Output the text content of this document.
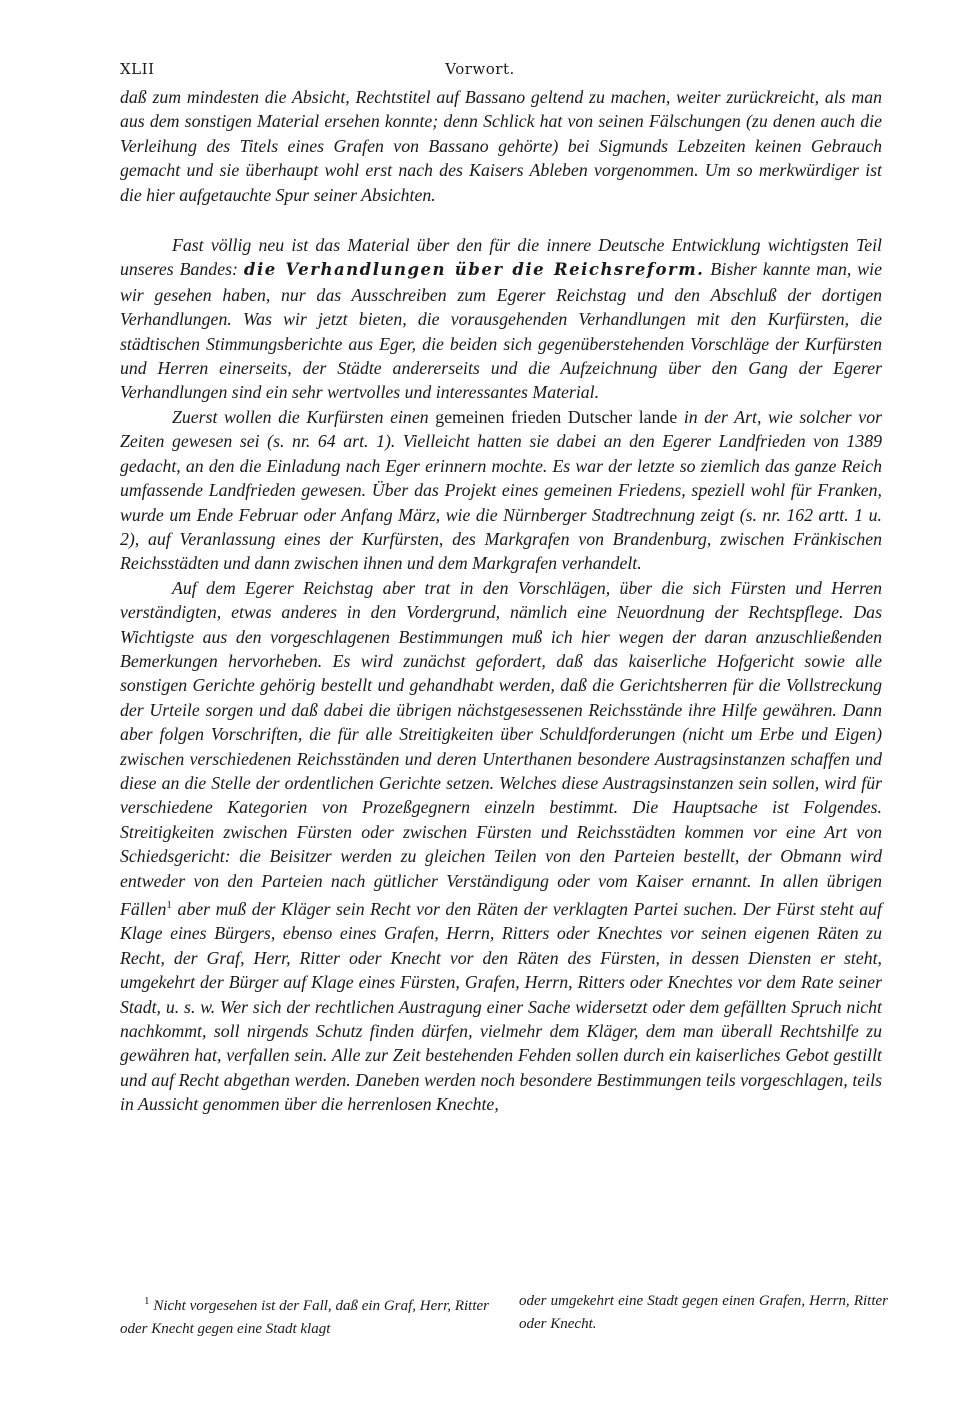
Vorwort.
XLII

daß zum mindesten die Absicht, Rechtstitel auf Bassano geltend zu machen, weiter zurückreicht, als man aus dem sonstigen Material ersehen konnte; denn Schlick hat von seinen Fälschungen (zu denen auch die Verleihung des Titels eines Grafen von Bassano gehörte) bei Sigmunds Lebzeiten keinen Gebrauch gemacht und sie überhaupt wohl erst nach des Kaisers Ableben vorgenommen. Um so merkwürdiger ist die hier aufgetauchte Spur seiner Absichten.

Fast völlig neu ist das Material über den für die innere Deutsche Entwicklung wichtigsten Teil unseres Bandes: die Verhandlungen über die Reichsreform. Bisher kannte man, wie wir gesehen haben, nur das Ausschreiben zum Egerer Reichstag und den Abschluß der dortigen Verhandlungen. Was wir jetzt bieten, die vorausgehenden Verhandlungen mit den Kurfürsten, die städtischen Stimmungsberichte aus Eger, die beiden sich gegenüberstehenden Vorschläge der Kurfürsten und Herren einerseits, der Städte andererseits und die Aufzeichnung über den Gang der Egerer Verhandlungen sind ein sehr wertvolles und interessantes Material.

Zuerst wollen die Kurfürsten einen gemeinen frieden Dutscher lande in der Art, wie solcher vor Zeiten gewesen sei (s. nr. 64 art. 1). Vielleicht hatten sie dabei an den Egerer Landfrieden von 1389 gedacht, an den die Einladung nach Eger erinnern mochte. Es war der letzte so ziemlich das ganze Reich umfassende Landfrieden gewesen. Über das Projekt eines gemeinen Friedens, speziell wohl für Franken, wurde um Ende Februar oder Anfang März, wie die Nürnberger Stadtrechnung zeigt (s. nr. 162 artt. 1 u. 2), auf Veranlassung eines der Kurfürsten, des Markgrafen von Brandenburg, zwischen Fränkischen Reichsstädten und dann zwischen ihnen und dem Markgrafen verhandelt.

Auf dem Egerer Reichstag aber trat in den Vorschlägen, über die sich Fürsten und Herren verständigten, etwas anderes in den Vordergrund, nämlich eine Neuordnung der Rechtspflege. Das Wichtigste aus den vorgeschlagenen Bestimmungen muß ich hier wegen der daran anzuschließenden Bemerkungen hervorheben. Es wird zunächst gefordert, daß das kaiserliche Hofgericht sowie alle sonstigen Gerichte gehörig bestellt und gehandhabt werden, daß die Gerichtsherren für die Vollstreckung der Urteile sorgen und daß dabei die übrigen nächstgesessenen Reichsstände ihre Hilfe gewähren. Dann aber folgen Vorschriften, die für alle Streitigkeiten über Schuldforderungen (nicht um Erbe und Eigen) zwischen verschiedenen Reichsständen und deren Unterthanen besondere Austragsinstanzen schaffen und diese an die Stelle der ordentlichen Gerichte setzen. Welches diese Austragsinstanzen sein sollen, wird für verschiedene Kategorien von Prozeßgegnern einzeln bestimmt. Die Hauptsache ist Folgendes. Streitigkeiten zwischen Fürsten oder zwischen Fürsten und Reichsstädten kommen vor eine Art von Schiedsgericht: die Beisitzer werden zu gleichen Teilen von den Parteien bestellt, der Obmann wird entweder von den Parteien nach gütlicher Verständigung oder vom Kaiser ernannt. In allen übrigen Fällen$^1$ aber muß der Kläger sein Recht vor den Räten der verklagten Partei suchen. Der Fürst steht auf Klage eines Bürgers, ebenso eines Grafen, Herrn, Ritters oder Knechtes vor seinen eigenen Räten zu Recht, der Graf, Herr, Ritter oder Knecht vor den Räten des Fürsten, in dessen Diensten er steht, umgekehrt der Bürger auf Klage eines Fürsten, Grafen, Herrn, Ritters oder Knechtes vor dem Rate seiner Stadt, u. s. w. Wer sich der rechtlichen Austragung einer Sache widersetzt oder dem gefällten Spruch nicht nachkommt, soll nirgends Schutz finden dürfen, vielmehr dem Kläger, dem man überall Rechtshilfe zu gewähren hat, verfallen sein. Alle zur Zeit bestehenden Fehden sollen durch ein kaiserliches Gebot gestillt und auf Recht abgethan werden. Daneben werden noch besondere Bestimmungen teils vorgeschlagen, teils in Aussicht genommen über die herrenlosen Knechte,

$^1$ Nicht vorgesehen ist der Fall, daß ein Graf, Herr, Ritter oder Knecht gegen eine Stadt klagt
oder umgekehrt eine Stadt gegen einen Grafen, Herrn, Ritter oder Knecht.
